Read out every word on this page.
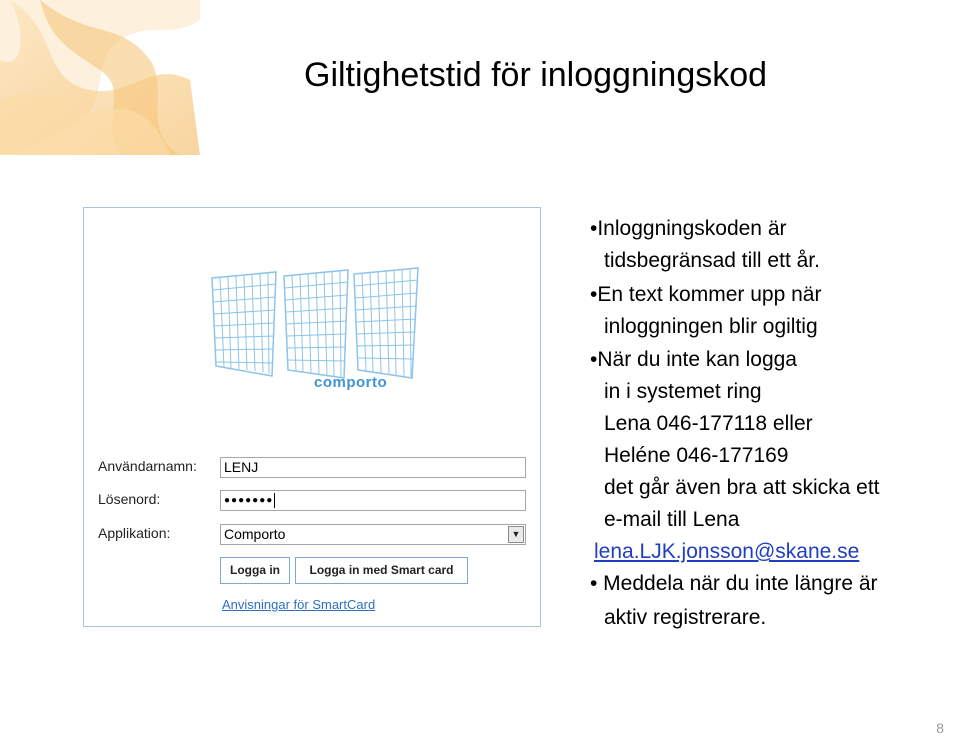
Giltighetstid för inloggningskod
comporto
Användarnamn: LENJ
Lösenord:	●●●●●●●
Applikation:	Comporto	▼
Logga in	Logga in med Smart card
Anvisningar för SmartCard
•Inloggningskoden är
tidsbegränsad till ett år.
•En text kommer upp när
inloggningen blir ogiltig
•När du inte kan logga
in i systemet ring
Lena 046-177118 eller
Heléne 046-177169
det går även bra att skicka ett
e-mail till Lena
lena.LJK.jonsson@skane.se
• Meddela när du inte längre är
aktiv registrerare.
8
